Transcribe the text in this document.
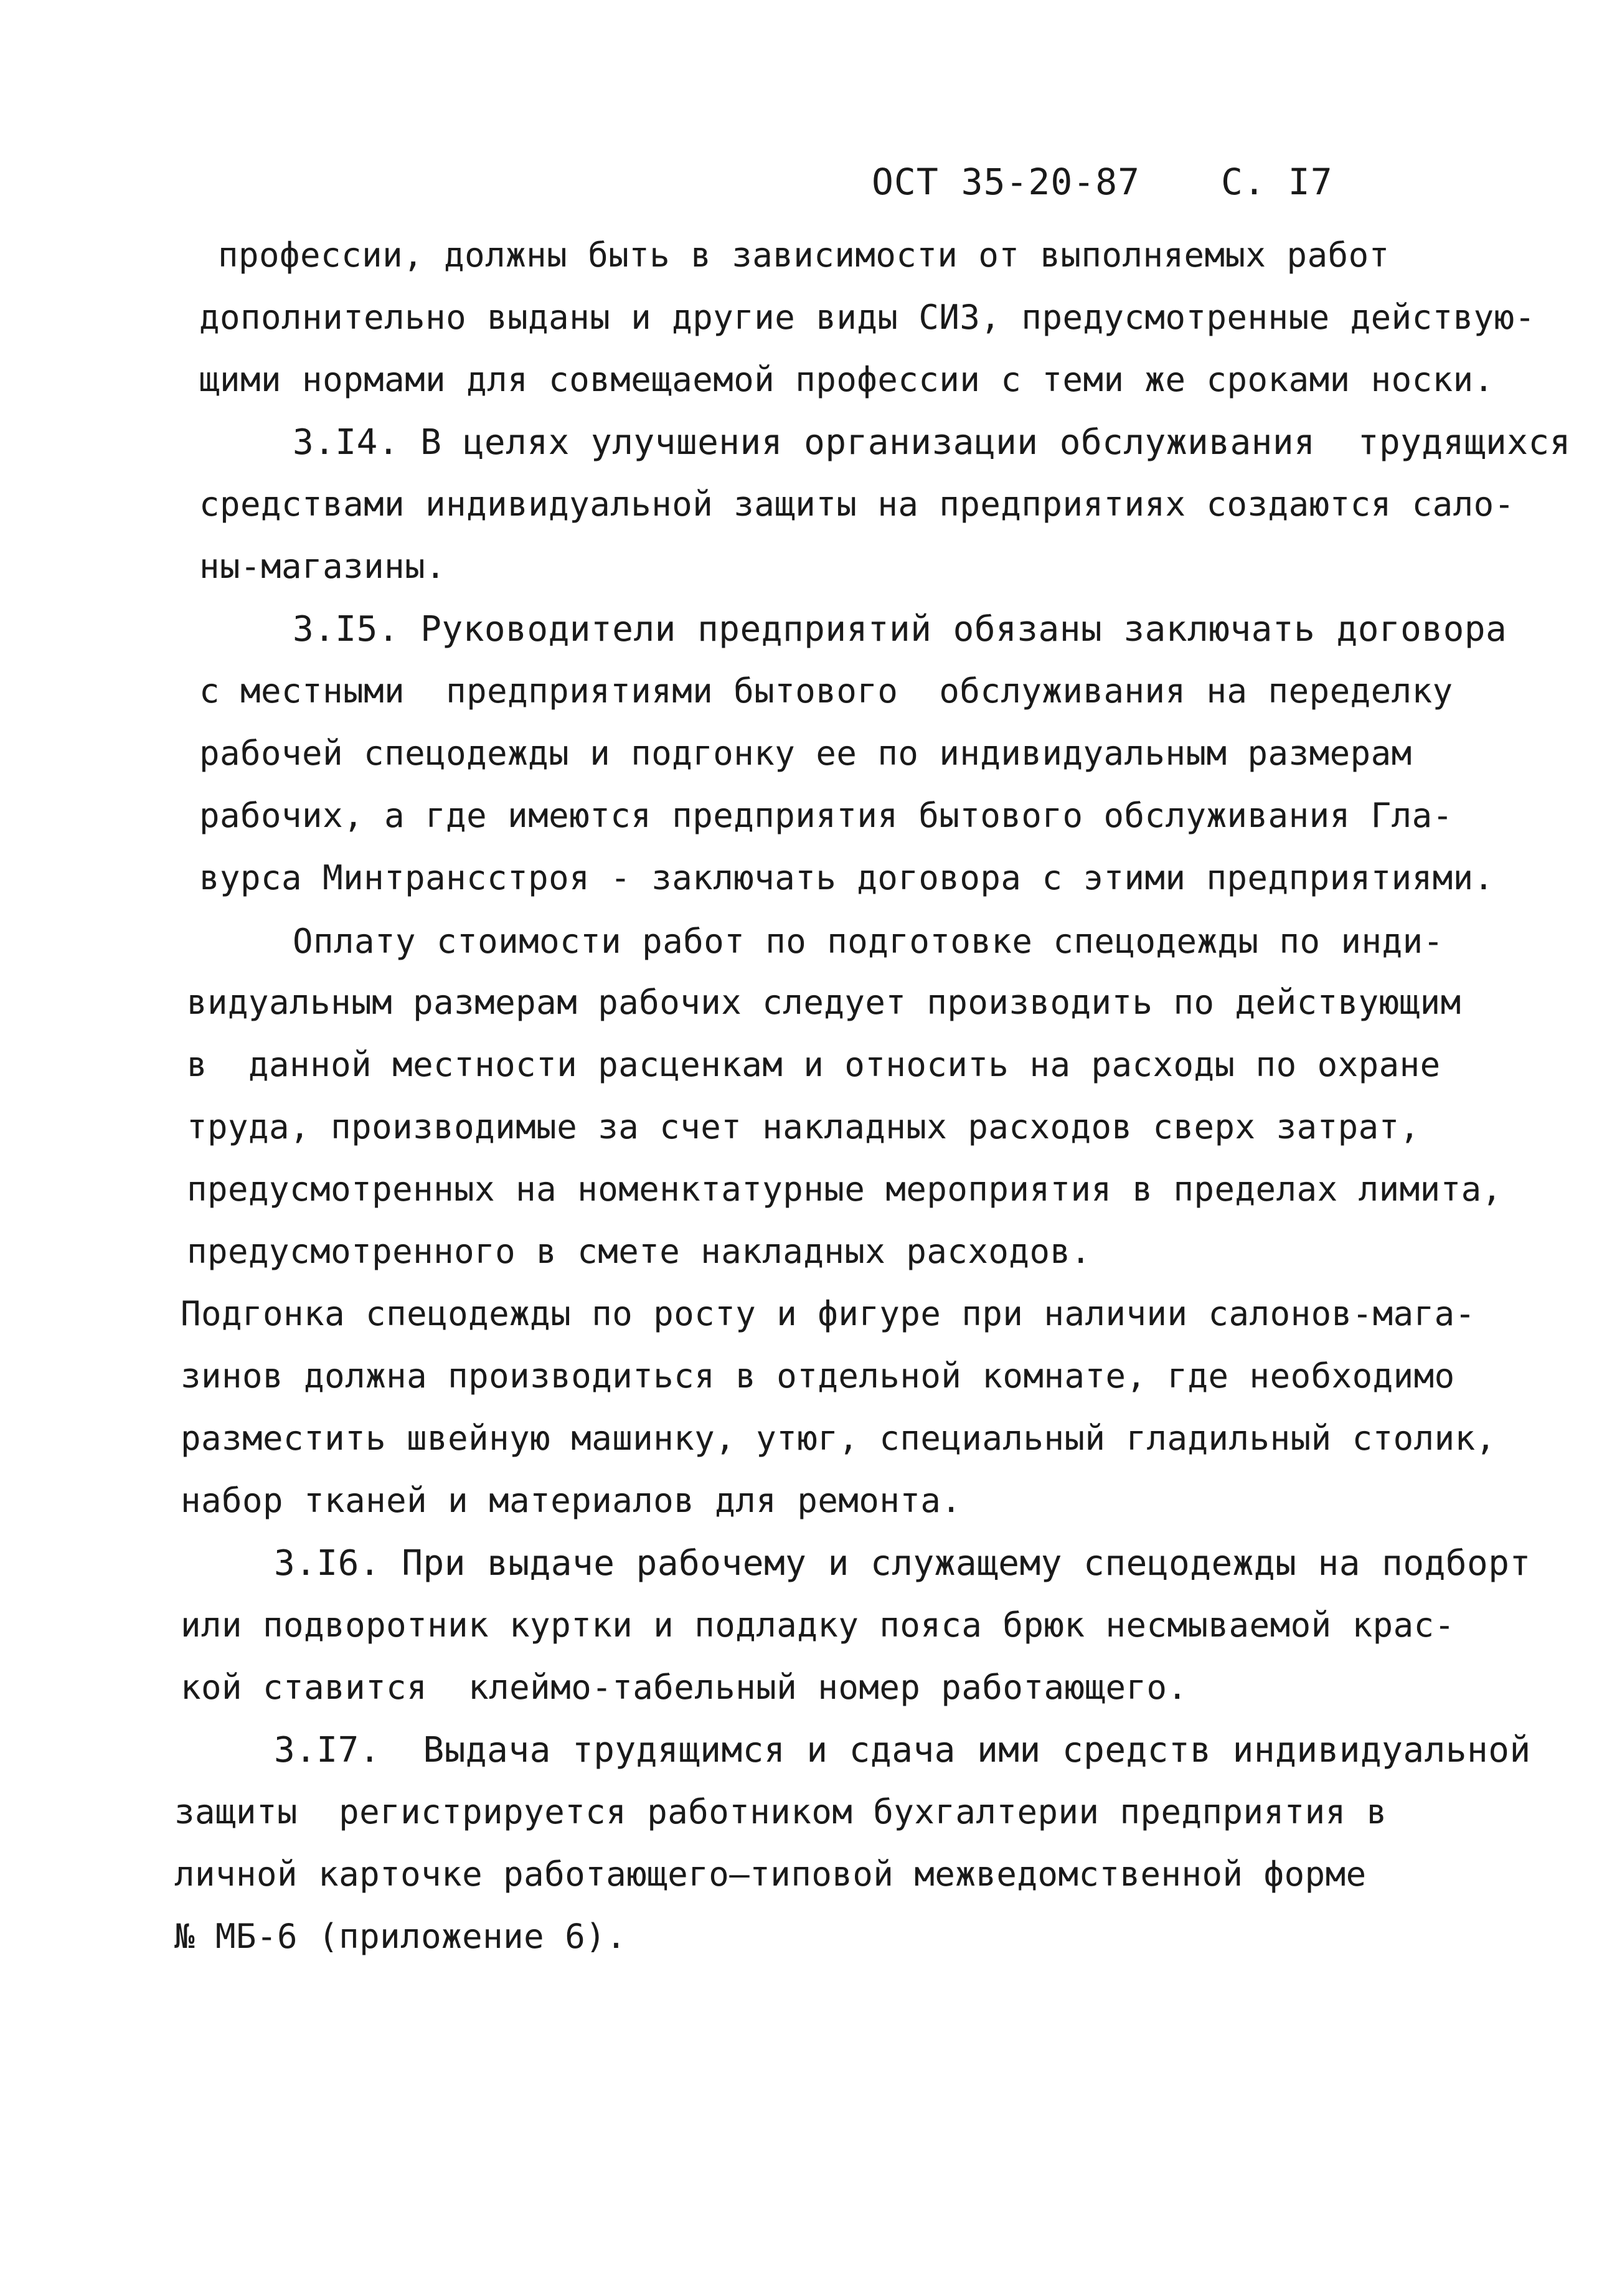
ОСТ 35-20-87 С. I7
профессии, должны быть в зависимости от выполняемых работ
дополнительно выданы и другие виды СИЗ, предусмотренные действую-
щими нормами для совмещаемой профессии с теми же сроками носки.
3.I4. В целях улучшения организации обслуживания  трудящихся
средствами индивидуальной защиты на предприятиях создаются сало-
ны-магазины.
3.I5. Руководители предприятий обязаны заключать договора
с местными  предприятиями бытового  обслуживания на переделку
рабочей спецодежды и подгонку ее по индивидуальным размерам
рабочих, а где имеются предприятия бытового обслуживания Гла-
вурса Минтрансстроя - заключать договора с этими предприятиями.
Оплату стоимости работ по подготовке спецодежды по инди-
видуальным размерам рабочих следует производить по действующим
в  данной местности расценкам и относить на расходы по охране
труда, производимые за счет накладных расходов сверх затрат,
предусмотренных на номенктатурные мероприятия в пределах лимита,
предусмотренного в смете накладных расходов.
Подгонка спецодежды по росту и фигуре при наличии салонов-мага-
зинов должна производиться в отдельной комнате, где необходимо
разместить швейную машинку, утюг, специальный гладильный столик,
набор тканей и материалов для ремонта.
3.I6. При выдаче рабочему и служащему спецодежды на подборт
или подворотник куртки и подладку пояса брюк несмываемой крас-
кой ставится  клеймо-табельный номер работающего.
3.I7.  Выдача трудящимся и сдача ими средств индивидуальной
защиты  регистрируется работником бухгалтерии предприятия в
личной карточке работающего—типовой межведомственной форме
№ МБ-6 (приложение 6).
